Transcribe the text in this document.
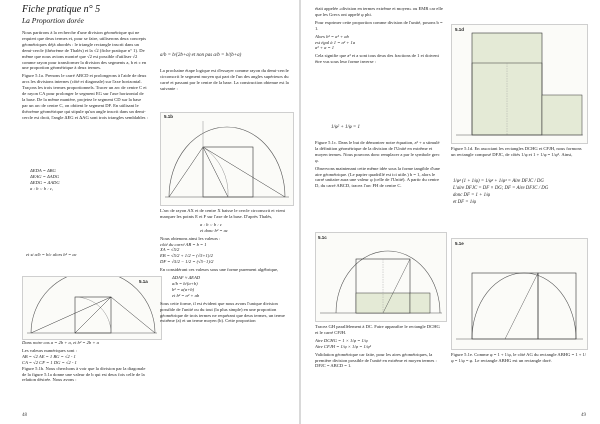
Fiche pratique n° 5
La Proportion dorée

Nous partirons à la recherche d'une division géométrique qui ne requiert que deux termes et, pour se faire, utiliserons deux concepts géométriques déjà abordés : le triangle rectangle inscrit dans un demi-cercle (théorème de Thalès) et la √2 (fiche pratique n° 1). De même que nous avions montré que √2 est possible d'utiliser √2 comme rayon pour transformer la division des segments a, b et c en une proportion géométrique à deux termes.

Figure 5.1a. Prenons le carré ABCD et prolongeons à l'aide de deux arcs les divisions internes (côté et diagonale) sur l'axe horizontal. Traçons les trois termes proportionnels. Tracer un arc de centre C et de rayon CA pour prolonger le segment EG sur l'axe horizontal de la base. De la même manière, projetez le segment CD sur la base par un arc de centre C, on obtient le segment DF. En utilisant le théorème géométrique qui stipule qu'un angle inscrit dans un demi-cercle est droit, l'angle ΔEG et ΔAG sont trois triangles semblables :

ΔEDA = ΔBG
ΔEAG = ΔADG
ΔEDG = ΔADG
a : b :: b : c,
et si a/b = b/c alors b² = ac
5.1a

Dans notre cas a = 2b + a, et b² = 2b + a

Les valeurs numériques sont :
AB = √2 AE = 1 BG = √2 - 1
CA = √2 CF = 1 DG = √2 - 1

Figure 5.1b. Nous cherchons à voir que la division par la diagonale de la figure 5.1a donne une valeur de b qui est deux fois celle de la relation désirée. Nous avons :

a/b = b/(2b+a) et non pas a/b = b/(b+a)

La prochaine étape logique est d'essayer comme rayon du demi-cercle circonscrit le segment moyen qui part de l'un des angles supérieurs du carré et passant par le centre de la base. La construction obtenue est la suivante :

5.1b

L'arc de rayon AX et de centre X baisse le cercle circonscrit et vient marquer les points E et F sur l'axe de la base. D'après Thalès,

a : b :: b : c
et donc b² = ac
Nous obtenons ainsi les valeurs :
côté du carré AB = b = 1
XA = √5/2
EB = √5/2 + 1/2 = (√5+1)/2
DF = √5/2 − 1/2 = (√5−1)/2

En considérant ces valeurs sous une forme purement algébrique,

ΔDAF ≈ ΔEAD
a/b = b/(a+b)
b² = a(a+b)
et b² = a² + ab

Sous cette forme, il est évident que nous avons l'unique division possible de l'unité ou du tout (la plus simple) en une proportion géométrique de trois termes ne requérant que deux termes, un terme extrême (a) et un terme moyen (b). Cette proportion

48

était appelée «division en termes extrême et moyen» ou EMR car elle que les Grecs ont appelé φ phi.

Pour exprimer cette proportion comme division de l'unité, posons b = 1.

Alors b² = a² + ab
est égal à 1 = a² + 1a
a² + a = 1

Cela signifie que a² et a sont tous deux des fractions de 1 et doivent être vus sous leur forme inverse :

1/φ² + 1/φ = 1

Figure 5.1c. Dans le but de démontrer notre équation, a² + a stimulé la définition géométrique de la division de l'Unité en extrême et moyen termes. Nous pouvons donc remplacer a par le symbole grec φ.

Observons maintenant cette même idée sous la forme tangible d'une aire géométrique. (Le papier quadrillé est ici utile.) b = 1, alors le carré unitaire aura une valeur φ (celle de l'Unité). A partir du centre D, du carré ABCD, tracez l'arc FH de centre C.

5.1c

Tracez GH parallèlement à DC. Faire apparaître le rectangle DCHG et le carré CFJH.

Aire DCHG = 1 × 1/φ = 1/φ
Aire CFJH = 1/φ × 1/φ = 1/φ²

Validation géométrique car faite, pour les aires géométriques, la première division possible de l'unité en extrême et moyen termes : DFJC = ABCD = 1.

5.1d

Figure 5.1d. En associant les rectangles DCHG et CFJH, nous formons un rectangle composé DFJC, de côtés 1/φ et 1 + 1/φ = 1/φ². Ainsi,

1/φ² (1 + 1/φ) = 1/φ² + 1/φ³ = Aire DFJC / DG
L'aire DFJC = DF × DG; DF = Aire DFJC / DG
donc DF = 1 + 1/φ
et DF = 1/φ
5.1e

Figure 5.1e. Comme φ = 1 + 1/φ, le côté AG du rectangle ABHG = 1 + 1/φ = 1/φ = φ. Le rectangle ABHG est un rectangle doré.

49
